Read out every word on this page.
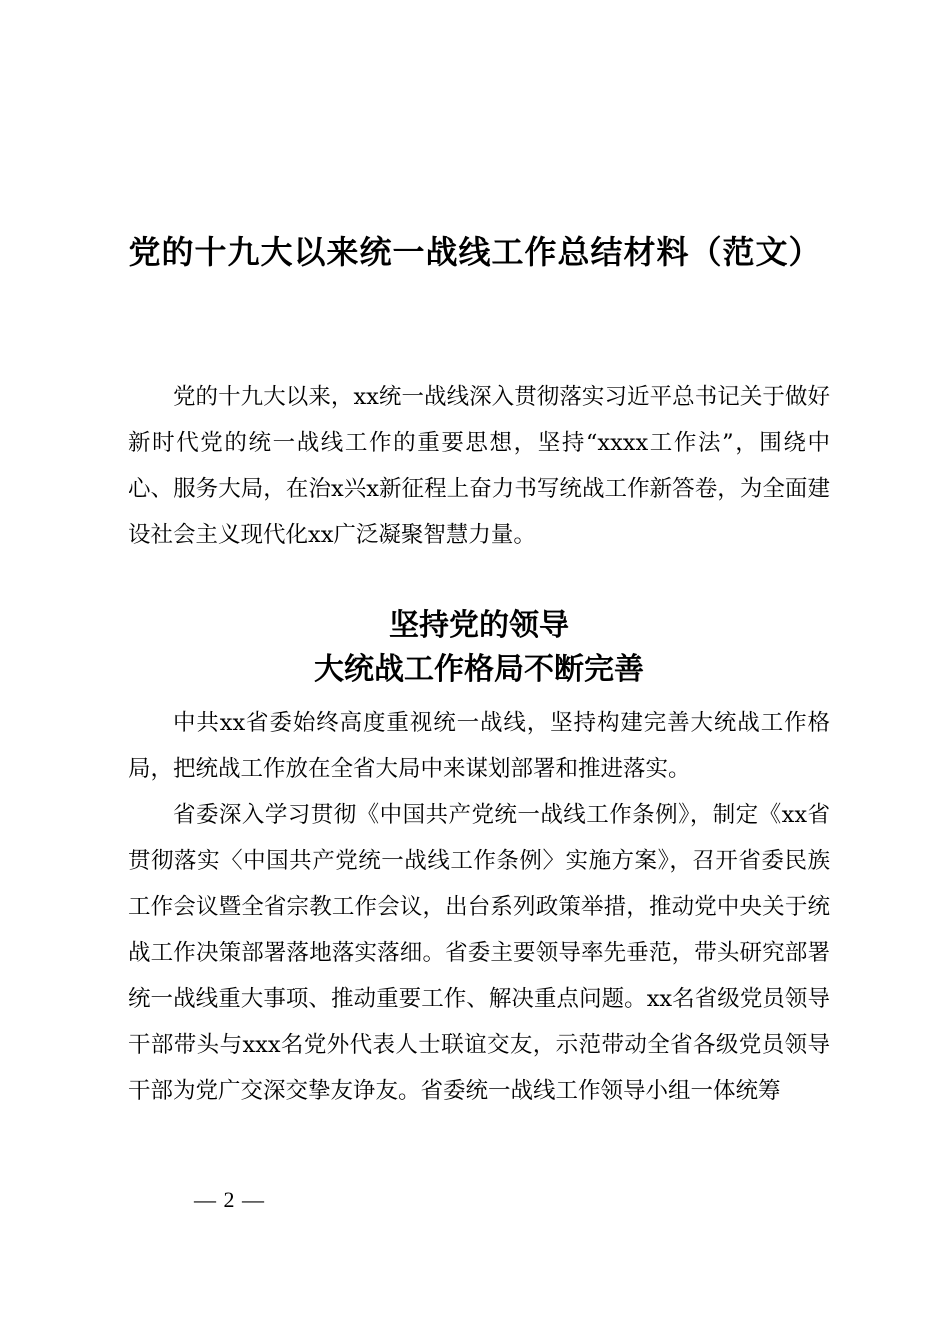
党的十九大以来统一战线工作总结材料（范文）

党的十九大以来，xx统一战线深入贯彻落实习近平总书记关于做好新时代党的统一战线工作的重要思想，坚持“xxxx工作法”，围绕中心、服务大局，在治x兴x新征程上奋力书写统战工作新答卷，为全面建设社会主义现代化xx广泛凝聚智慧力量。

坚持党的领导
大统战工作格局不断完善

中共xx省委始终高度重视统一战线，坚持构建完善大统战工作格局，把统战工作放在全省大局中来谋划部署和推进落实。

省委深入学习贯彻《中国共产党统一战线工作条例》，制定《xx省贯彻落实〈中国共产党统一战线工作条例〉实施方案》，召开省委民族工作会议暨全省宗教工作会议，出台系列政策举措，推动党中央关于统战工作决策部署落地落实落细。省委主要领导率先垂范，带头研究部署统一战线重大事项、推动重要工作、解决重点问题。xx名省级党员领导干部带头与xxx名党外代表人士联谊交友，示范带动全省各级党员领导干部为党广交深交挚友诤友。省委统一战线工作领导小组一体统筹

— 2 —
